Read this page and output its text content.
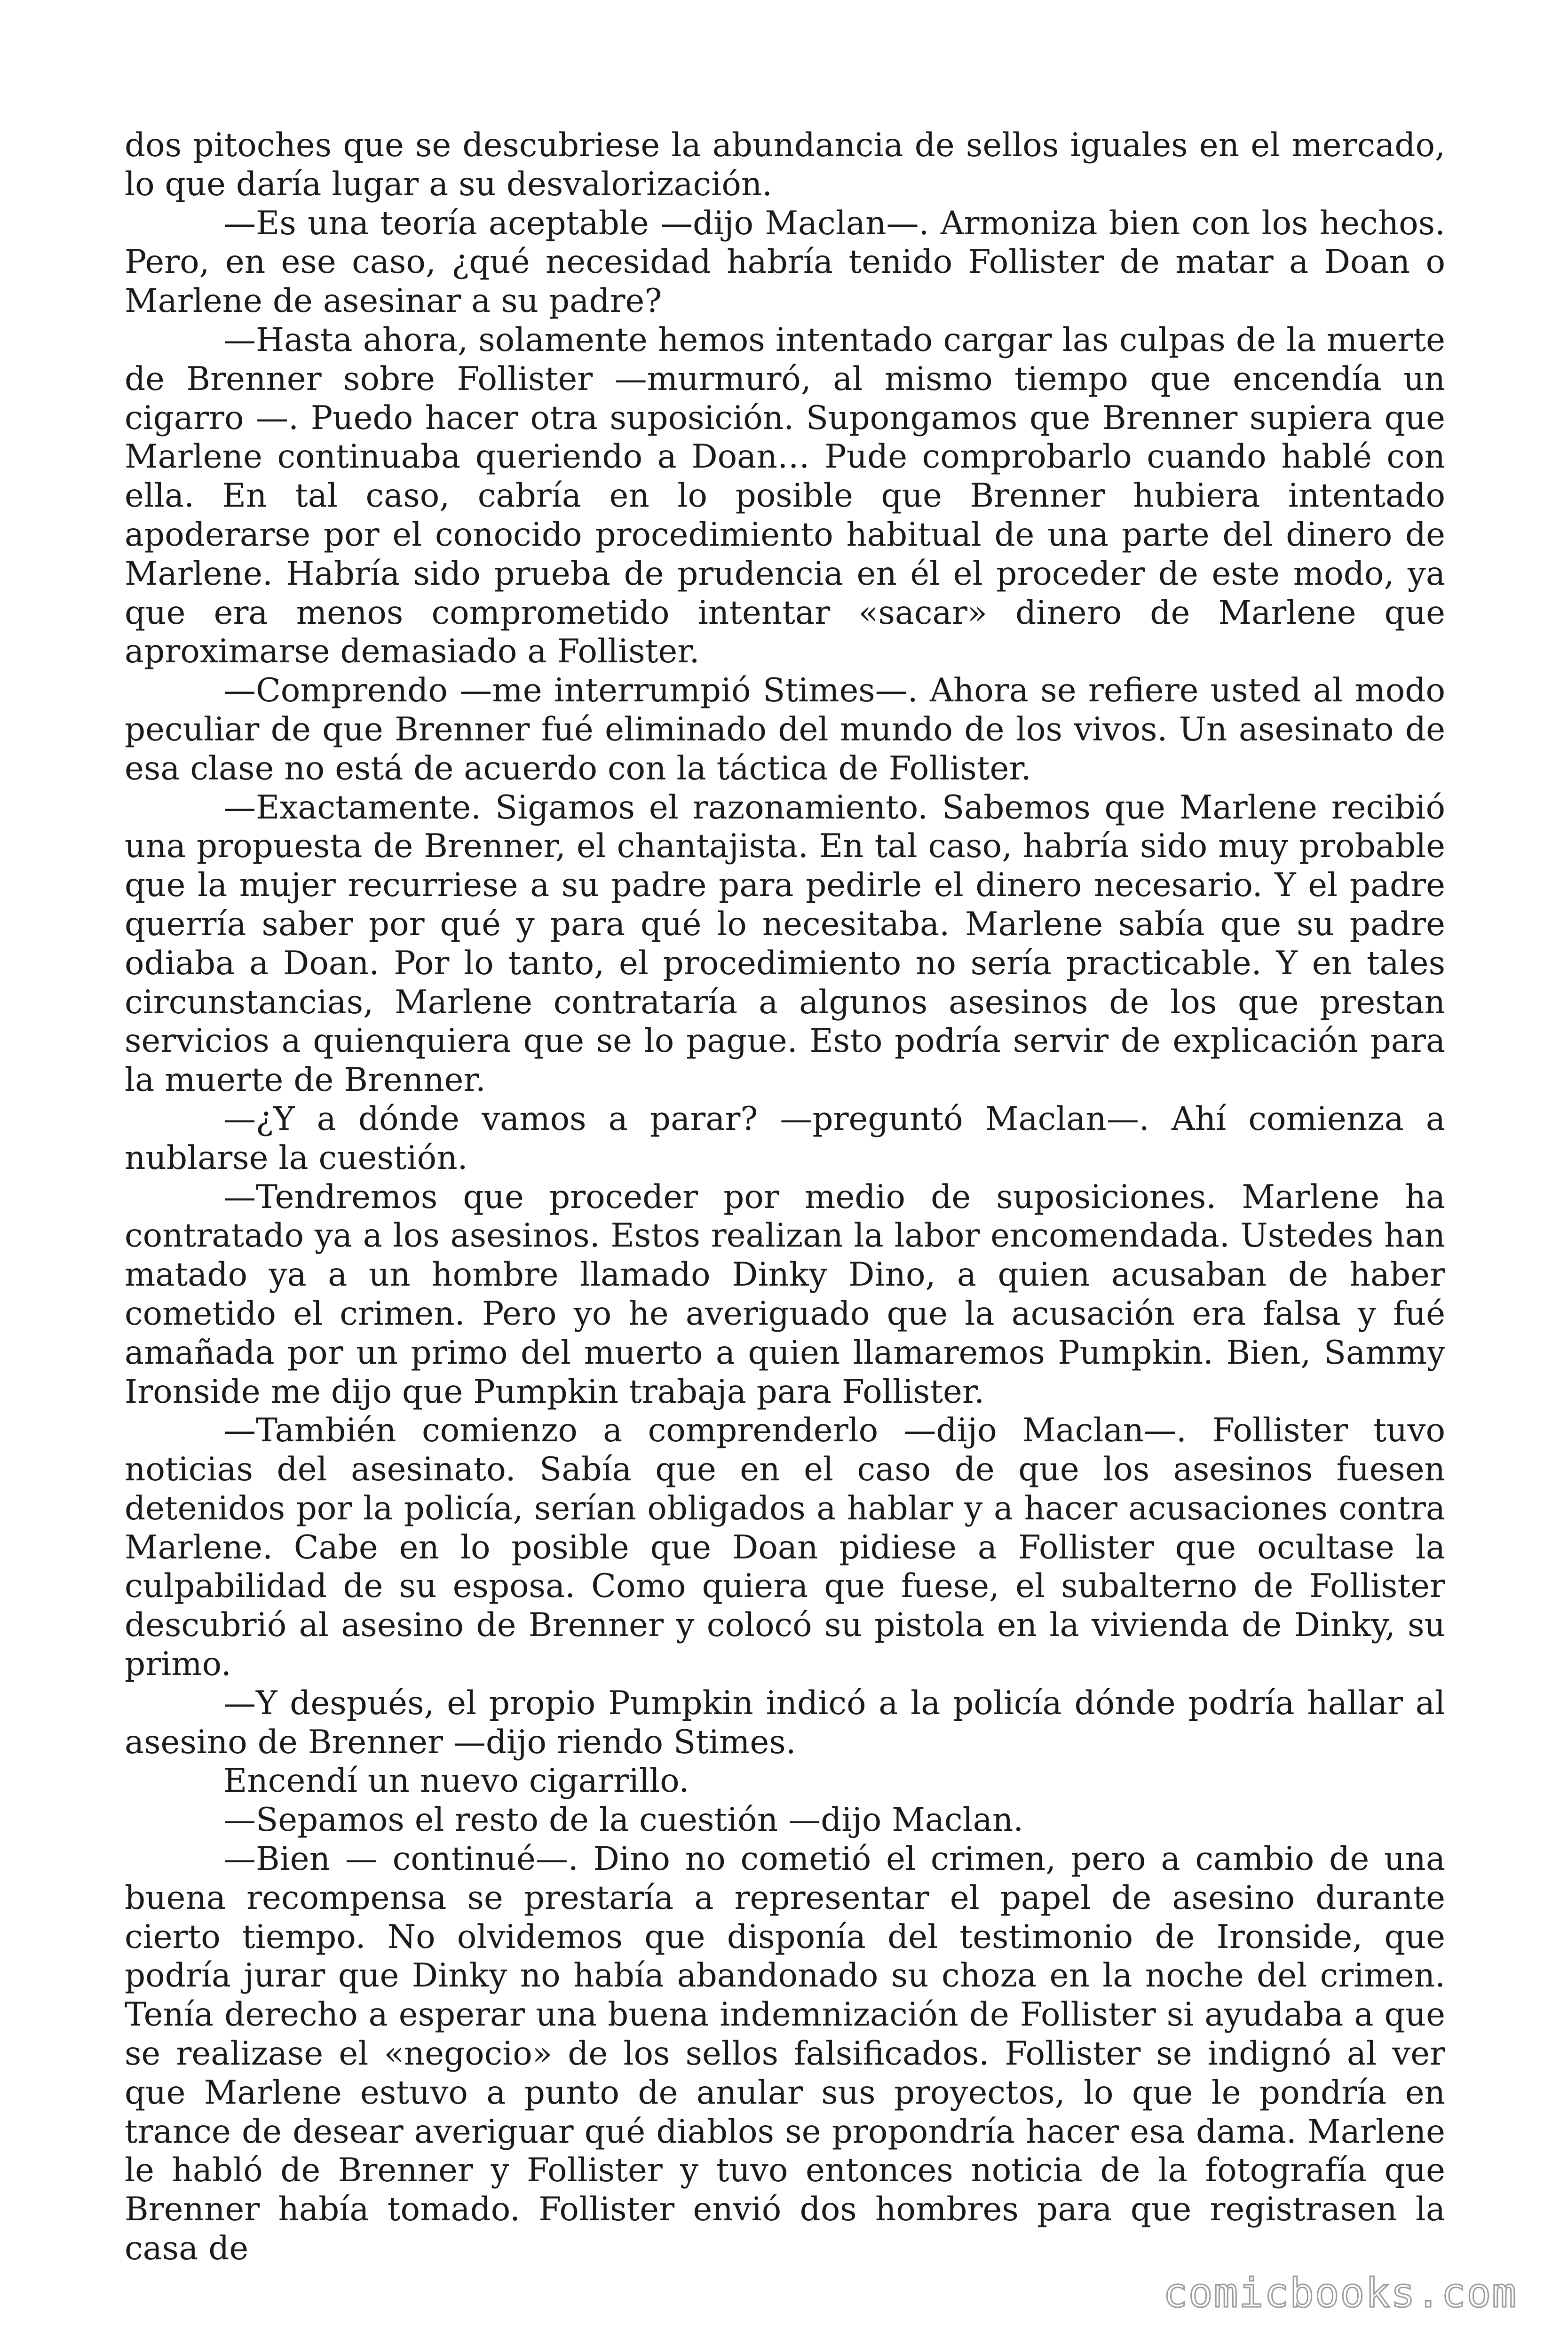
dos pitoches que se descubriese la abundancia de sellos iguales en el mercado, lo que daría lugar a su desvalorización.

—Es una teoría aceptable —dijo Maclan—. Armoniza bien con los hechos. Pero, en ese caso, ¿qué necesidad habría tenido Follister de matar a Doan o Marlene de asesinar a su padre?

—Hasta ahora, solamente hemos intentado cargar las culpas de la muerte de Brenner sobre Follister —murmuró, al mismo tiempo que encendía un cigarro —. Puedo hacer otra suposición. Supongamos que Brenner supiera que Marlene continuaba queriendo a Doan… Pude comprobarlo cuando hablé con ella. En tal caso, cabría en lo posible que Brenner hubiera intentado apoderarse por el conocido procedimiento habitual de una parte del dinero de Marlene. Habría sido prueba de prudencia en él el proceder de este modo, ya que era menos comprometido intentar «sacar» dinero de Marlene que aproximarse demasiado a Follister.

—Comprendo —me interrumpió Stimes—. Ahora se refiere usted al modo peculiar de que Brenner fué eliminado del mundo de los vivos. Un asesinato de esa clase no está de acuerdo con la táctica de Follister.

—Exactamente. Sigamos el razonamiento. Sabemos que Marlene recibió una propuesta de Brenner, el chantajista. En tal caso, habría sido muy probable que la mujer recurriese a su padre para pedirle el dinero necesario. Y el padre querría saber por qué y para qué lo necesitaba. Marlene sabía que su padre odiaba a Doan. Por lo tanto, el procedimiento no sería practicable. Y en tales circunstancias, Marlene contrataría a algunos asesinos de los que prestan servicios a quienquiera que se lo pague. Esto podría servir de explicación para la muerte de Brenner.

—¿Y a dónde vamos a parar? —preguntó Maclan—. Ahí comienza a nublarse la cuestión.

—Tendremos que proceder por medio de suposiciones. Marlene ha contratado ya a los asesinos. Estos realizan la labor encomendada. Ustedes han matado ya a un hombre llamado Dinky Dino, a quien acusaban de haber cometido el crimen. Pero yo he averiguado que la acusación era falsa y fué amañada por un primo del muerto a quien llamaremos Pumpkin. Bien, Sammy Ironside me dijo que Pumpkin trabaja para Follister.

—También comienzo a comprenderlo —dijo Maclan—. Follister tuvo noticias del asesinato. Sabía que en el caso de que los asesinos fuesen detenidos por la policía, serían obligados a hablar y a hacer acusaciones contra Marlene. Cabe en lo posible que Doan pidiese a Follister que ocultase la culpabilidad de su esposa. Como quiera que fuese, el subalterno de Follister descubrió al asesino de Brenner y colocó su pistola en la vivienda de Dinky, su primo.

—Y después, el propio Pumpkin indicó a la policía dónde podría hallar al asesino de Brenner —dijo riendo Stimes.

Encendí un nuevo cigarrillo.

—Sepamos el resto de la cuestión —dijo Maclan.

—Bien — continué—. Dino no cometió el crimen, pero a cambio de una buena recompensa se prestaría a representar el papel de asesino durante cierto tiempo. No olvidemos que disponía del testimonio de Ironside, que podría jurar que Dinky no había abandonado su choza en la noche del crimen. Tenía derecho a esperar una buena indemnización de Follister si ayudaba a que se realizase el «negocio» de los sellos falsificados. Follister se indignó al ver que Marlene estuvo a punto de anular sus proyectos, lo que le pondría en trance de desear averiguar qué diablos se propondría hacer esa dama. Marlene le habló de Brenner y Follister y tuvo entonces noticia de la fotografía que Brenner había tomado. Follister envió dos hombres para que registrasen la casa de

comicbooks.com
